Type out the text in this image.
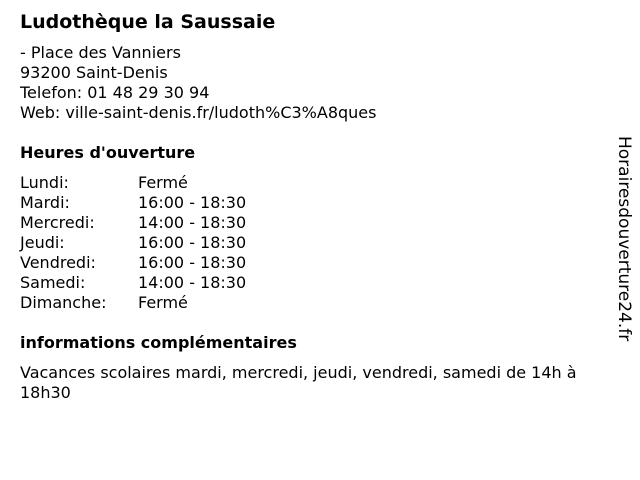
Ludothèque la Saussaie
- Place des Vanniers
93200 Saint-Denis
Telefon: 01 48 29 30 94
Web: ville-saint-denis.fr/ludoth%C3%A8ques
Heures d'ouverture
Lundi:	Fermé
Mardi:	16:00 - 18:30
Mercredi:	14:00 - 18:30
Jeudi:	16:00 - 18:30
Vendredi:	16:00 - 18:30
Samedi:	14:00 - 18:30
Dimanche:	Fermé
informations complémentaires
Vacances scolaires mardi, mercredi, jeudi, vendredi, samedi de 14h à 18h30
Horairesdouverture24.fr
